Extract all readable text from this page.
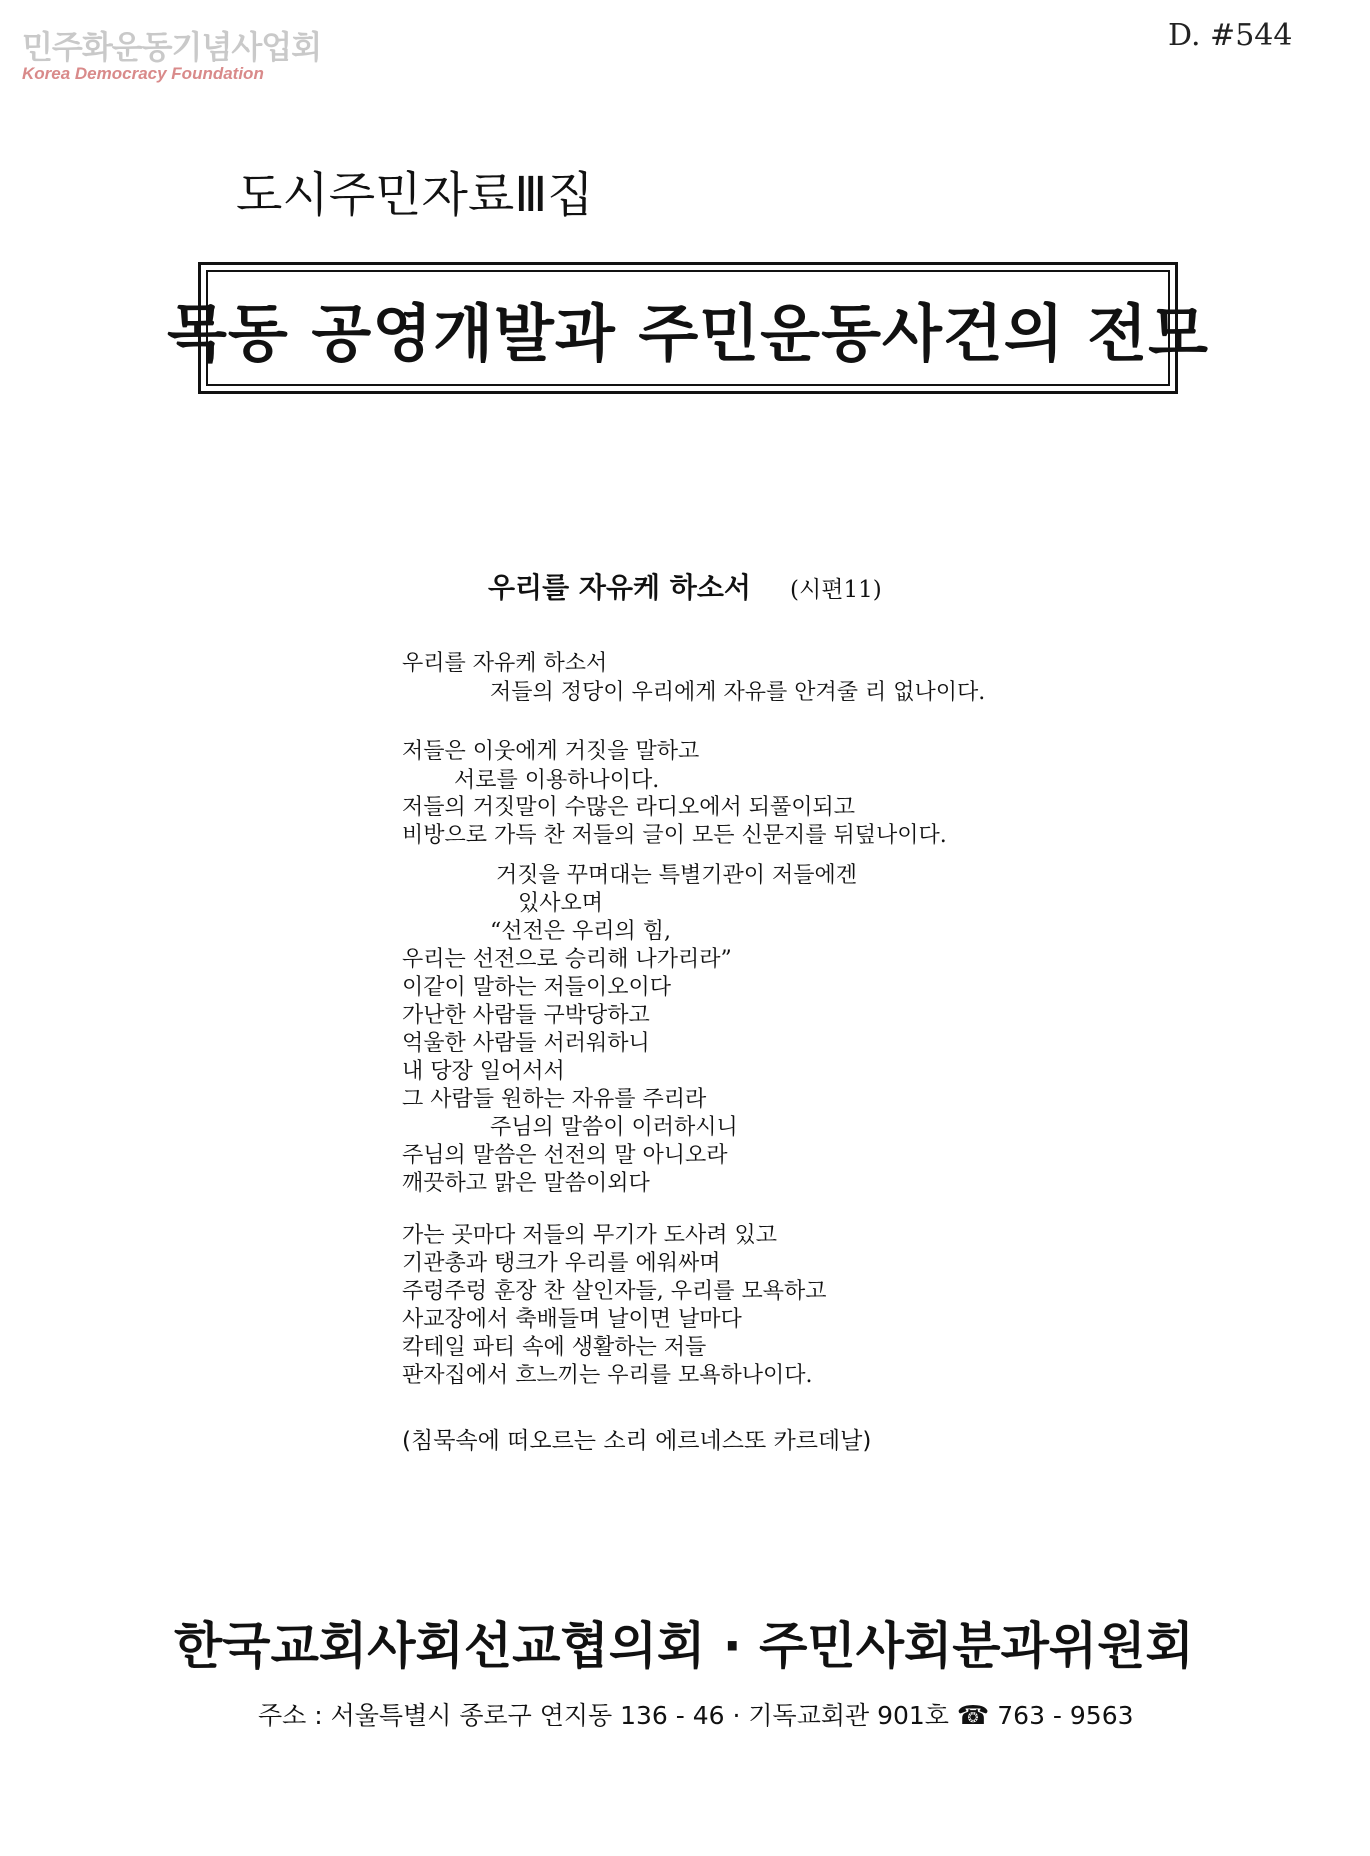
민주화운동기념사업회
Korea Democracy Foundation
D. #544
도시주민자료Ⅲ집
목동 공영개발과 주민운동사건의 전모
우리를 자유케 하소서 (시편11)
우리를 자유케 하소서
저들의 정당이 우리에게 자유를 안겨줄 리 없나이다.
저들은 이웃에게 거짓을 말하고
서로를 이용하나이다.
저들의 거짓말이 수많은 라디오에서 되풀이되고
비방으로 가득 찬 저들의 글이 모든 신문지를 뒤덮나이다.
거짓을 꾸며대는 특별기관이 저들에겐
있사오며
“선전은 우리의 힘,
우리는 선전으로 승리해 나가리라”
이같이 말하는 저들이오이다
가난한 사람들 구박당하고
억울한 사람들 서러워하니
내 당장 일어서서
그 사람들 원하는 자유를 주리라
주님의 말씀이 이러하시니
주님의 말씀은 선전의 말 아니오라
깨끗하고 맑은 말씀이외다
가는 곳마다 저들의 무기가 도사려 있고
기관총과 탱크가 우리를 에워싸며
주렁주렁 훈장 찬 살인자들, 우리를 모욕하고
사교장에서 축배들며 날이면 날마다
칵테일 파티 속에 생활하는 저들
판자집에서 흐느끼는 우리를 모욕하나이다.
(침묵속에 떠오르는 소리 에르네스또 카르데날)
한국교회사회선교협의회 · 주민사회분과위원회
주소 : 서울특별시 종로구 연지동 136 - 46 · 기독교회관 901호 ☎ 763 - 9563
